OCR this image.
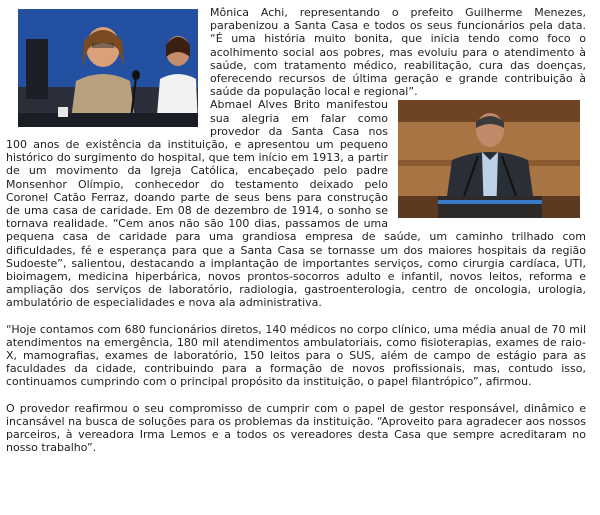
Mônica Achi, representando o prefeito Guilherme Menezes, parabenizou a Santa Casa e todos os seus funcionários pela data. “É uma história muito bonita, que inicia tendo como foco o acolhimento social aos pobres, mas evoluiu para o atendimento à saúde, com tratamento médico, reabilitação, cura das doenças, oferecendo recursos de última geração e grande contribuição à saúde da população local e regional”.

Abmael Alves Brito manifestou sua alegria em falar como provedor da Santa Casa nos 100 anos de existência da instituição, e apresentou um pequeno histórico do surgimento do hospital, que tem início em 1913, a partir de um movimento da Igreja Católica, encabeçado pelo padre Monsenhor Olímpio, conhecedor do testamento deixado pelo Coronel Catão Ferraz, doando parte de seus bens para construção de uma casa de caridade. Em 08 de dezembro de 1914, o sonho se tornava realidade. “Cem anos não são 100 dias, passamos de uma pequena casa de caridade para uma grandiosa empresa de saúde, um caminho trilhado com dificuldades, fé e esperança para que a Santa Casa se tornasse um dos maiores hospitais da região Sudoeste”, salientou, destacando a implantação de importantes serviços, como cirurgia cardíaca, UTI, bioimagem, medicina hiperbárica, novos prontos-socorros adulto e infantil, novos leitos, reforma e ampliação dos serviços de laboratório, radiologia, gastroenterologia, centro de oncologia, urologia, ambulatório de especialidades e nova ala administrativa.

“Hoje contamos com 680 funcionários diretos, 140 médicos no corpo clínico, uma média anual de 70 mil atendimentos na emergência, 180 mil atendimentos ambulatoriais, como fisioterapias, exames de raio-X, mamografias, exames de laboratório, 150 leitos para o SUS, além de campo de estágio para as faculdades da cidade, contribuindo para a formação de novos profissionais, mas, contudo isso, continuamos cumprindo com o principal propósito da instituição, o papel filantrópico”, afirmou.

O provedor reafirmou o seu compromisso de cumprir com o papel de gestor responsável, dinâmico e incansável na busca de soluções para os problemas da instituição. “Aproveito para agradecer aos nossos parceiros, à vereadora Irma Lemos e a todos os vereadores desta Casa que sempre acreditaram no nosso trabalho”.
